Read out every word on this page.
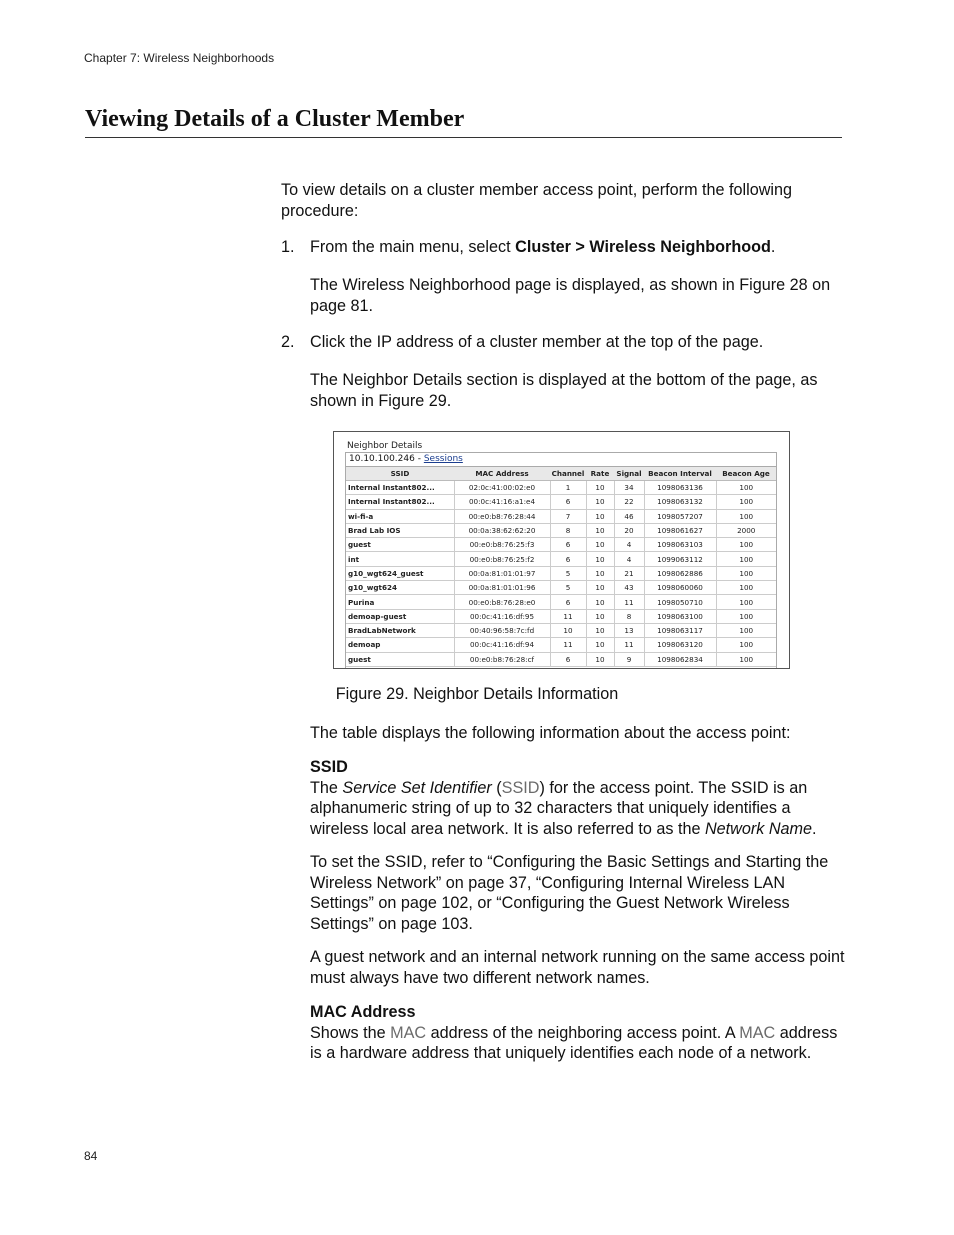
Chapter 7: Wireless Neighborhoods
Viewing Details of a Cluster Member
To view details on a cluster member access point, perform the following procedure:
1. From the main menu, select Cluster > Wireless Neighborhood.
The Wireless Neighborhood page is displayed, as shown in Figure 28 on page 81.
2. Click the IP address of a cluster member at the top of the page.
The Neighbor Details section is displayed at the bottom of the page, as shown in Figure 29.
Neighbor Details
10.10.100.246 - Sessions
SSID	MAC Address	Channel	Rate	Signal	Beacon Interval	Beacon Age
Internal Instant802...	02:0c:41:00:02:e0	1	10	34	1098063136	100
Internal Instant802...	00:0c:41:16:a1:e4	6	10	22	1098063132	100
wi-fi-a	00:e0:b8:76:28:44	7	10	46	1098057207	100
Brad Lab IOS	00:0a:38:62:62:20	8	10	20	1098061627	2000
guest	00:e0:b8:76:25:f3	6	10	4	1098063103	100
int	00:e0:b8:76:25:f2	6	10	4	1099063112	100
g10_wgt624_guest	00:0a:81:01:01:97	5	10	21	1098062886	100
g10_wgt624	00:0a:81:01:01:96	5	10	43	1098060060	100
Purina	00:e0:b8:76:28:e0	6	10	11	1098050710	100
demoap-guest	00:0c:41:16:df:95	11	10	8	1098063100	100
BradLabNetwork	00:40:96:58:7c:fd	10	10	13	1098063117	100
demoap	00:0c:41:16:df:94	11	10	11	1098063120	100
guest	00:e0:b8:76:28:cf	6	10	9	1098062834	100
Figure 29. Neighbor Details Information
The table displays the following information about the access point:
SSID
The Service Set Identifier (SSID) for the access point. The SSID is an alphanumeric string of up to 32 characters that uniquely identifies a wireless local area network. It is also referred to as the Network Name.
To set the SSID, refer to “Configuring the Basic Settings and Starting the Wireless Network” on page 37, “Configuring Internal Wireless LAN Settings” on page 102, or “Configuring the Guest Network Wireless Settings” on page 103.
A guest network and an internal network running on the same access point must always have two different network names.
MAC Address
Shows the MAC address of the neighboring access point. A MAC address is a hardware address that uniquely identifies each node of a network.
84
